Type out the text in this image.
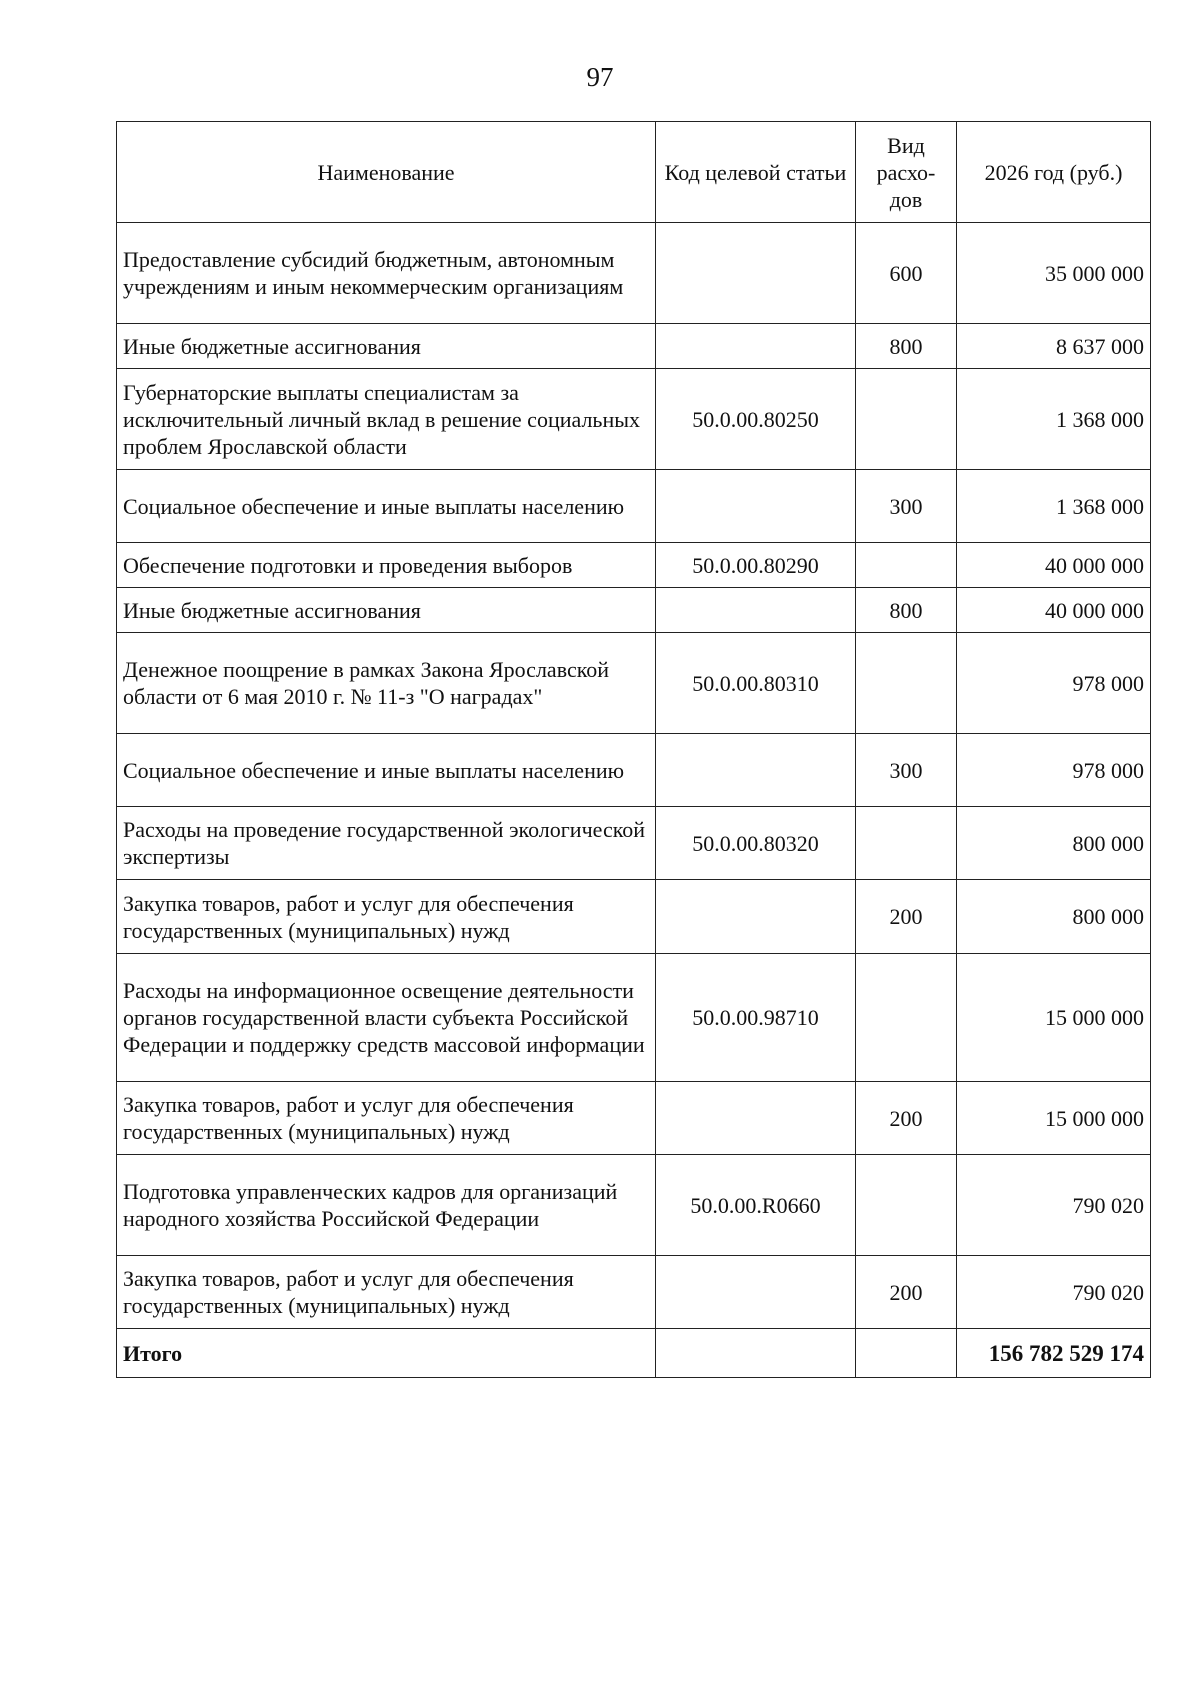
97
Наименование	Код целевой статьи	Вид расхо-дов	2026 год (руб.)
Предоставление субсидий бюджетным, автономным учреждениям и иным некоммерческим организациям		600	35 000 000
Иные бюджетные ассигнования		800	8 637 000
Губернаторские выплаты специалистам за исключительный личный вклад в решение социальных проблем Ярославской области	50.0.00.80250		1 368 000
Социальное обеспечение и иные выплаты населению		300	1 368 000
Обеспечение подготовки и проведения выборов	50.0.00.80290		40 000 000
Иные бюджетные ассигнования		800	40 000 000
Денежное поощрение в рамках Закона Ярославской области от 6 мая 2010 г. № 11-з "О наградах"	50.0.00.80310		978 000
Социальное обеспечение и иные выплаты населению		300	978 000
Расходы на проведение государственной экологической экспертизы	50.0.00.80320		800 000
Закупка товаров, работ и услуг для обеспечения государственных (муниципальных) нужд		200	800 000
Расходы на информационное освещение деятельности органов государственной власти субъекта Российской Федерации и поддержку средств массовой информации	50.0.00.98710		15 000 000
Закупка товаров, работ и услуг для обеспечения государственных (муниципальных) нужд		200	15 000 000
Подготовка управленческих кадров для организаций народного хозяйства Российской Федерации	50.0.00.R0660		790 020
Закупка товаров, работ и услуг для обеспечения государственных (муниципальных) нужд		200	790 020
Итого			156 782 529 174
